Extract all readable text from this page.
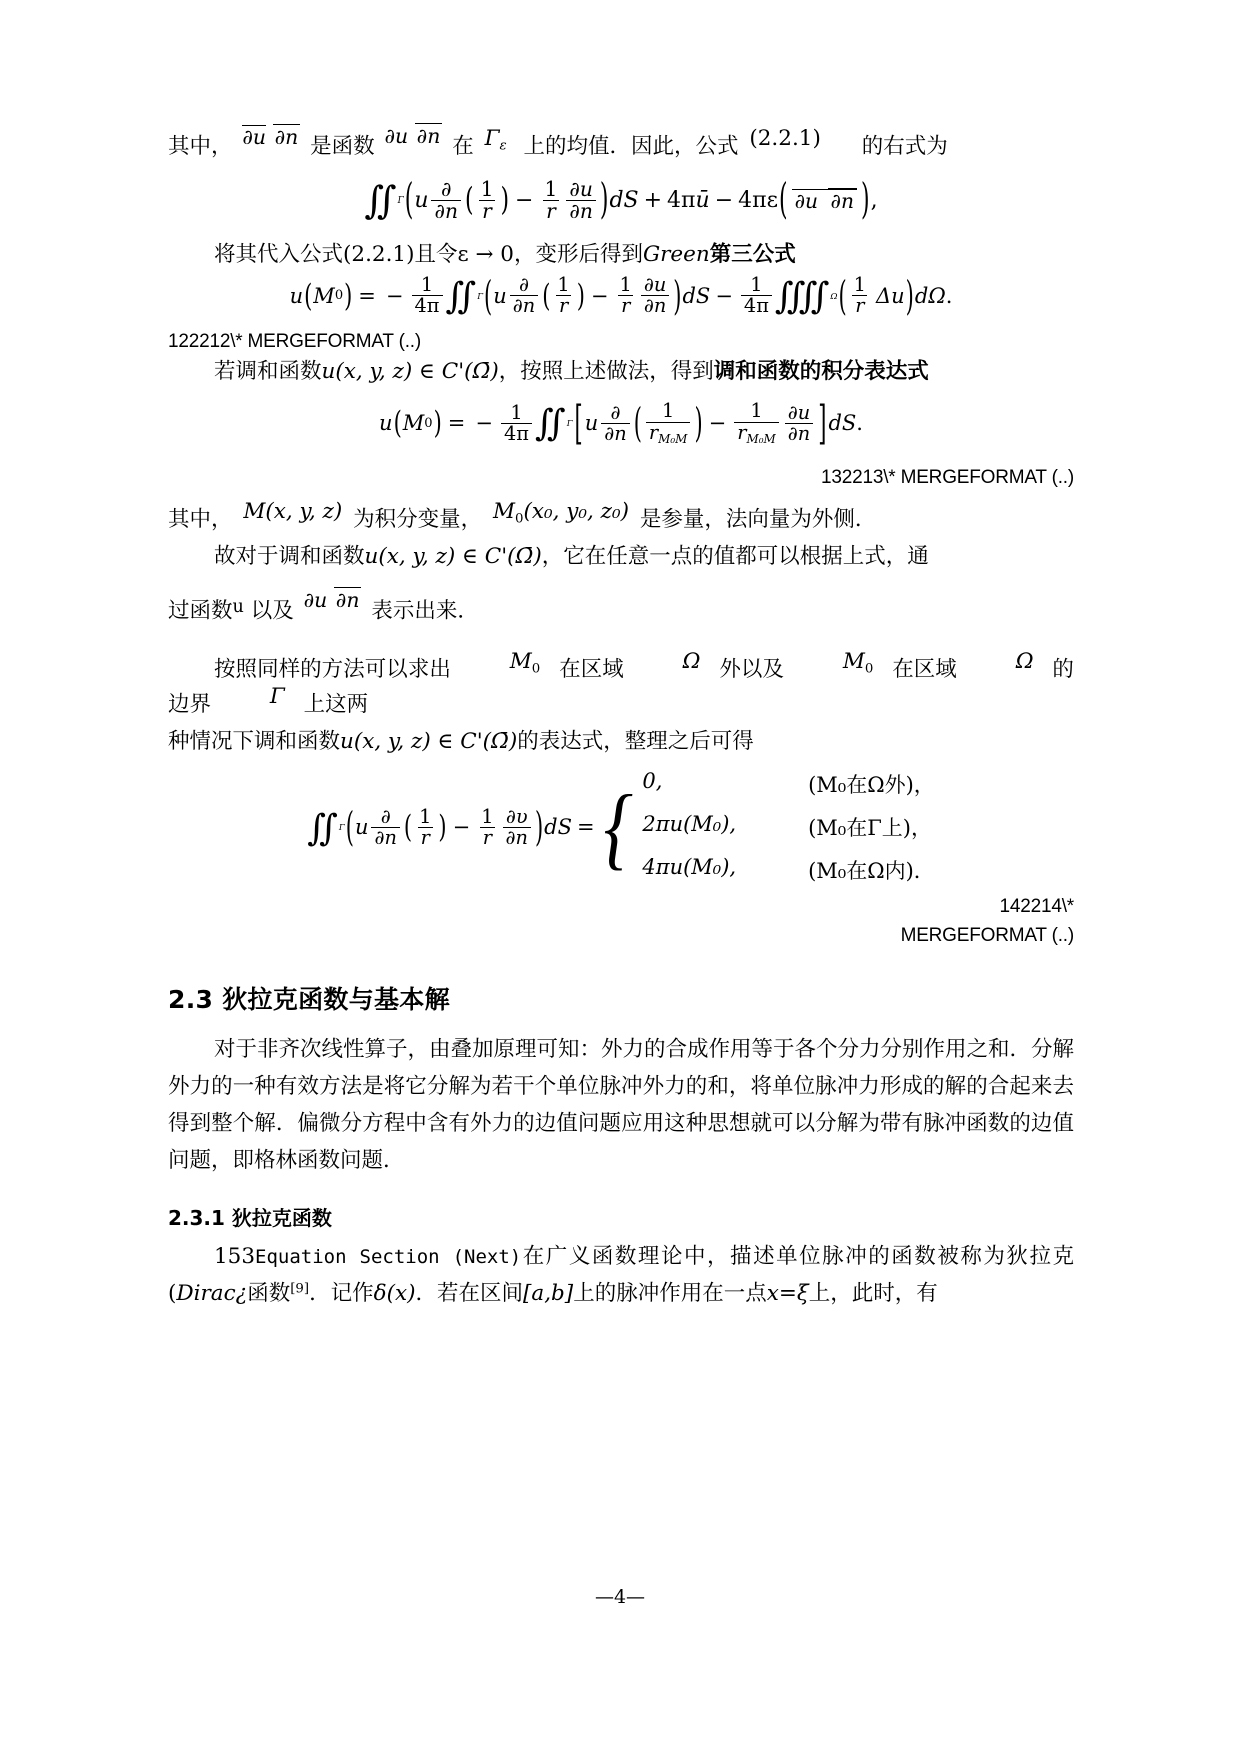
其中， ∂u ∂n 是函数 ∂u ∂n 在 $\Gamma_\varepsilon$ 上的均值．因此，公式 (2.2.1) 的右式为
∬	Γ ( u $\frac{\partial}{\partial n}$ ( $\frac{1}{r}$ ) − $\frac{1}{r} \frac{\partial u}{\partial n}$ ) dS + 4πū − 4πε ( ∂u ∂n ) ,
将其代入公式(2.2.1)且令ε → 0，变形后得到Green第三公式
u ( M 0 ) = − $\frac{1}{4\pi}$ ∬	Γ ( u $\frac{\partial}{\partial n}$ ( $\frac{1}{r}$ ) − $\frac{1}{r} \frac{\partial u}{\partial n}$ ) dS − $\frac{1}{4\pi}$ ⨌	Ω ( $\frac{1}{r}$ Δu ) dΩ .
122212\* MERGEFORMAT (..)
若调和函数u(x, y, z) ∈ C'(Ω̄)，按照上述做法，得到调和函数的积分表达式
u ( M 0 ) = − $\frac{1}{4\pi}$ ∬	Γ [ u $\frac{\partial}{\partial n}$ ( $\frac{1}{r_{M_0M}}$ ) − $\frac{1}{r_{M_0M}} \frac{\partial u}{\partial n}$ ] dS .
132213\* MERGEFORMAT (..)
其中， M(x, y, z) 为积分变量， M0(x₀, y₀, z₀) 是参量，法向量为外侧．
故对于调和函数u(x, y, z) ∈ C'(Ω̄)，它在任意一点的值都可以根据上式，通
过函数$^u$ 以及 ∂u ∂n 表示出来．
按照同样的方法可以求出	M0 在区域	Ω 外以及	M0 在区域	Ω 的边界	Γ 上这两
种情况下调和函数u(x, y, z) ∈ C'(Ω̄)的表达式，整理之后可得
∬	Γ ( u $\frac{\partial}{\partial n}$ ( $\frac{1}{r}$ ) − $\frac{1}{r} \frac{\partial\upsilon}{\partial n}$ ) dS = { 0,	(M₀在Ω外)，
2πu(M₀),	(M₀在Γ上)，
4πu(M₀),	(M₀在Ω内)．
142214\*
MERGEFORMAT (..)
2.3 狄拉克函数与基本解
对于非齐次线性算子，由叠加原理可知：外力的合成作用等于各个分力分别作用之和．分解外力的一种有效方法是将它分解为若干个单位脉冲外力的和，将单位脉冲力形成的解的合起来去得到整个解．偏微分方程中含有外力的边值问题应用这种思想就可以分解为带有脉冲函数的边值问题，即格林函数问题．
2.3.1 狄拉克函数
153Equation Section (Next)在广义函数理论中，描述单位脉冲的函数被称为狄拉克(Dirac¿函数[9]．记作δ(x)．若在区间[a,b]上的脉冲作用在一点x=ξ上，此时，有
—4—
